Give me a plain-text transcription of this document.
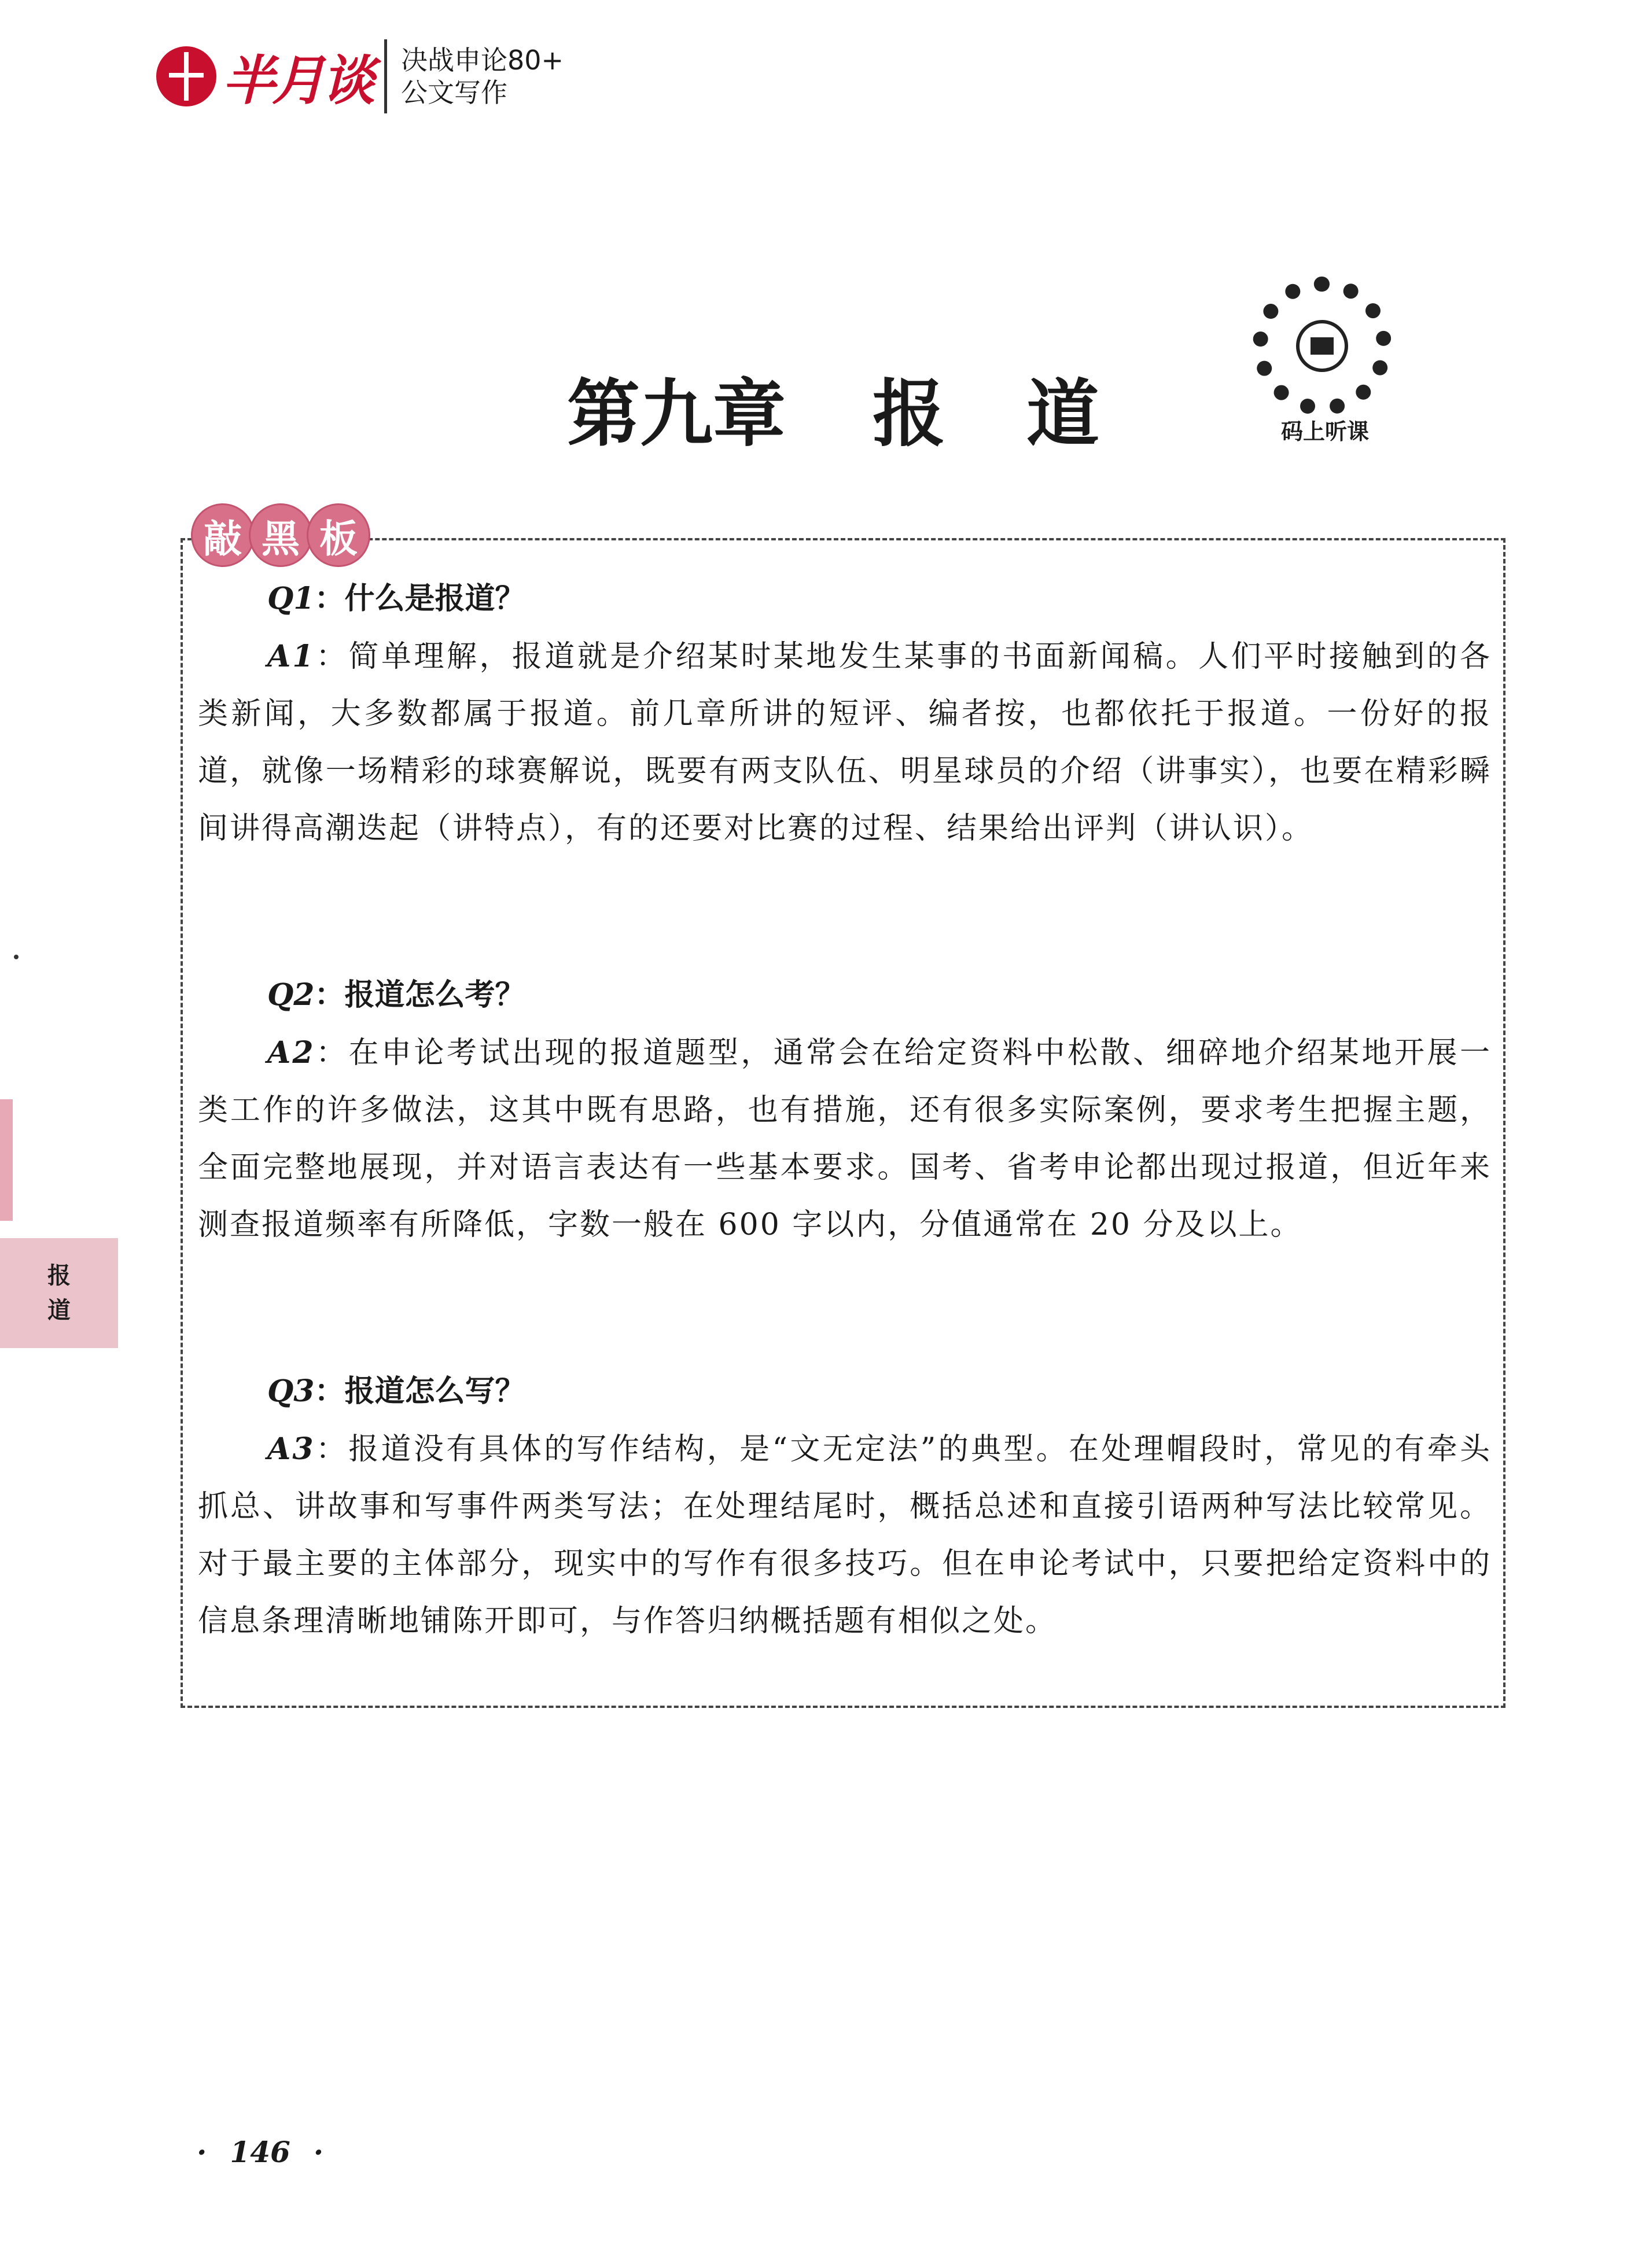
半月谈 决战申论80+
公文写作
第九章 报 道	码上听课
敲 黑 板
Q1：什么是报道？
A1：简单理解，报道就是介绍某时某地发生某事的书面新闻稿。人们平时接触到的各类新闻，大多数都属于报道。前几章所讲的短评、编者按，也都依托于报道。一份好的报道，就像一场精彩的球赛解说，既要有两支队伍、明星球员的介绍（讲事实），也要在精彩瞬间讲得高潮迭起（讲特点），有的还要对比赛的过程、结果给出评判（讲认识）。
Q2：报道怎么考？
A2：在申论考试出现的报道题型，通常会在给定资料中松散、细碎地介绍某地开展一类工作的许多做法，这其中既有思路，也有措施，还有很多实际案例，要求考生把握主题，全面完整地展现，并对语言表达有一些基本要求。国考、省考申论都出现过报道，但近年来测查报道频率有所降低，字数一般在 600 字以内，分值通常在 20 分及以上。
Q3：报道怎么写？
A3：报道没有具体的写作结构，是“文无定法”的典型。在处理帽段时，常见的有牵头抓总、讲故事和写事件两类写法；在处理结尾时，概括总述和直接引语两种写法比较常见。对于最主要的主体部分，现实中的写作有很多技巧。但在申论考试中，只要把给定资料中的信息条理清晰地铺陈开即可，与作答归纳概括题有相似之处。
报
道
· 146 ·
